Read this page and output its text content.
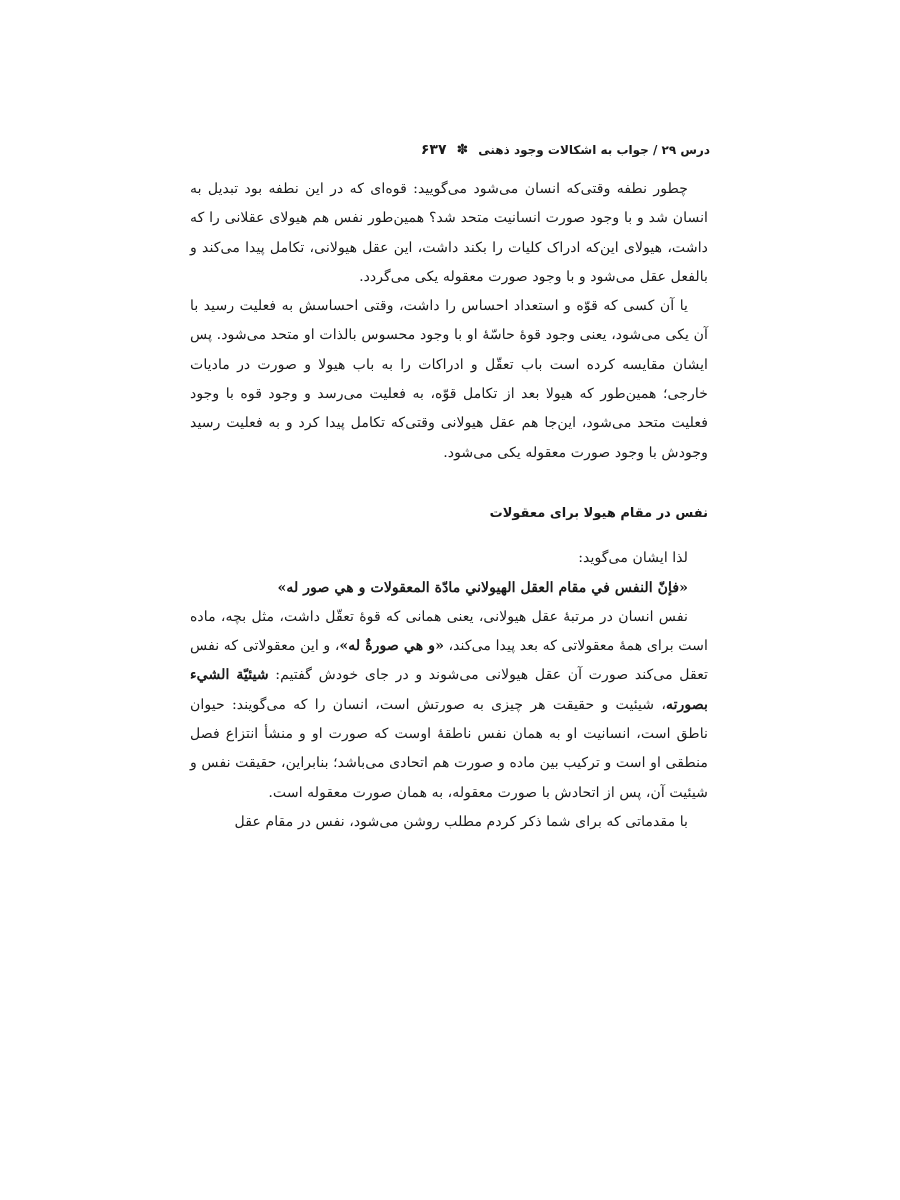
درس ۲۹ / جواب به اشکالات وجود ذهنی
✽
۶۳۷

چطور نطفه وقتی‌که انسان می‌شود می‌گویید: قوه‌ای که در این نطفه بود تبدیل به انسان شد و با وجود صورت انسانیت متحد شد؟ همین‌طور نفس هم هیولای عقلانی را که داشت، هیولای این‌که ادراک کلیات را بکند داشت، این عقل هیولانی، تکامل پیدا می‌کند و بالفعل عقل می‌شود و با وجود صورت معقوله یکی می‌گردد.

یا آن کسی که قوّه و استعداد احساس را داشت، وقتی احساسش به فعلیت رسید با آن یکی می‌شود، یعنی وجود قوهٔ حاسّهٔ او با وجود محسوس بالذات او متحد می‌شود. پس ایشان مقایسه کرده است باب تعقّل و ادراکات را به باب هیولا و صورت در مادیات خارجی؛ همین‌طور که هیولا بعد از تکامل قوّه، به فعلیت می‌رسد و وجود قوه با وجود فعلیت متحد می‌شود، این‌جا هم عقل هیولانی وقتی‌که تکامل پیدا کرد و به فعلیت رسید وجودش با وجود صورت معقوله یکی می‌شود.

نفس در مقام هیولا برای معقولات

لذا ایشان می‌گوید:

«فإنّ النفس في مقام العقل الهيولاني مادّة المعقولات و هي صور له»

نفس انسان در مرتبهٔ عقل هیولانی، یعنی همانی که قوهٔ تعقّل داشت، مثل بچه، ماده است برای همهٔ معقولاتی که بعد پیدا می‌کند، «و هي صورةٌ له»، و این معقولاتی که نفس تعقل می‌کند صورت آن عقل هیولانی می‌شوند و در جای خودش گفتیم: شيئيّة الشيء بصورته، شیئیت و حقیقت هر چیزی به صورتش است، انسان را که می‌گویند: حیوان ناطق است، انسانیت او به همان نفس ناطقهٔ اوست که صورت او و منشأ انتزاع فصل منطقی او است و ترکیب بین ماده و صورت هم اتحادی می‌باشد؛ بنابراین، حقیقت نفس و شیئیت آن، پس از اتحادش با صورت معقوله، به همان صورت معقوله است.

با مقدماتی که برای شما ذکر کردم مطلب روشن می‌شود، نفس در مقام عقل
